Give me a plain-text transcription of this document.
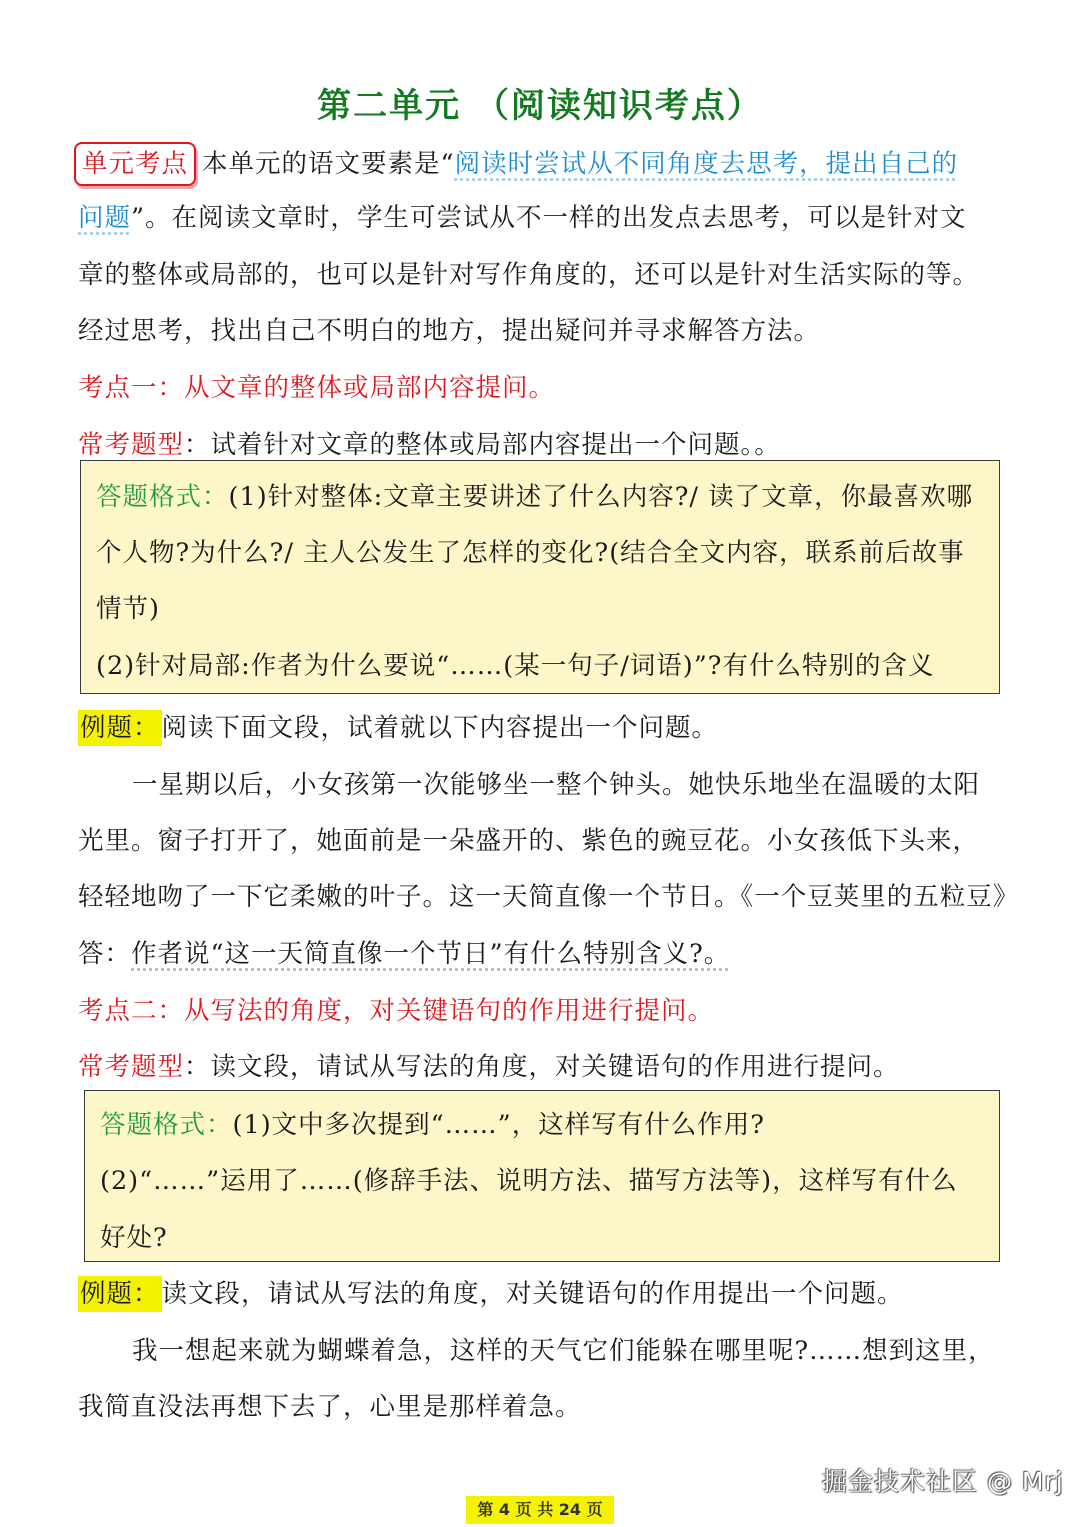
第二单元 （阅读知识考点）
单元考点 本单元的语文要素是“阅读时尝试从不同角度去思考，提出自己的
问题”。在阅读文章时，学生可尝试从不一样的出发点去思考，可以是针对文
章的整体或局部的，也可以是针对写作角度的，还可以是针对生活实际的等。
经过思考，找出自己不明白的地方，提出疑问并寻求解答方法。
考点一：从文章的整体或局部内容提问。
常考题型：试着针对文章的整体或局部内容提出一个问题。。
答题格式：(1)针对整体:文章主要讲述了什么内容?/ 读了文章，你最喜欢哪
个人物?为什么?/ 主人公发生了怎样的变化?(结合全文内容，联系前后故事
情节)
(2)针对局部:作者为什么要说“……(某一句子/词语)”?有什么特别的含义
例题：阅读下面文段，试着就以下内容提出一个问题。
一星期以后，小女孩第一次能够坐一整个钟头。她快乐地坐在温暖的太阳
光里。窗子打开了，她面前是一朵盛开的、紫色的豌豆花。小女孩低下头来，
轻轻地吻了一下它柔嫩的叶子。这一天简直像一个节日。《一个豆荚里的五粒豆》
答：作者说“这一天简直像一个节日”有什么特别含义?。
考点二：从写法的角度，对关键语句的作用进行提问。
常考题型：读文段，请试从写法的角度，对关键语句的作用进行提问。
答题格式：(1)文中多次提到“……”，这样写有什么作用?
(2)“……”运用了……(修辞手法、说明方法、描写方法等)，这样写有什么
好处?
例题：读文段，请试从写法的角度，对关键语句的作用提出一个问题。
我一想起来就为蝴蝶着急，这样的天气它们能躲在哪里呢?……想到这里，
我简直没法再想下去了，心里是那样着急。
掘金技术社区 @ Mrj
第 4 页 共 24 页
